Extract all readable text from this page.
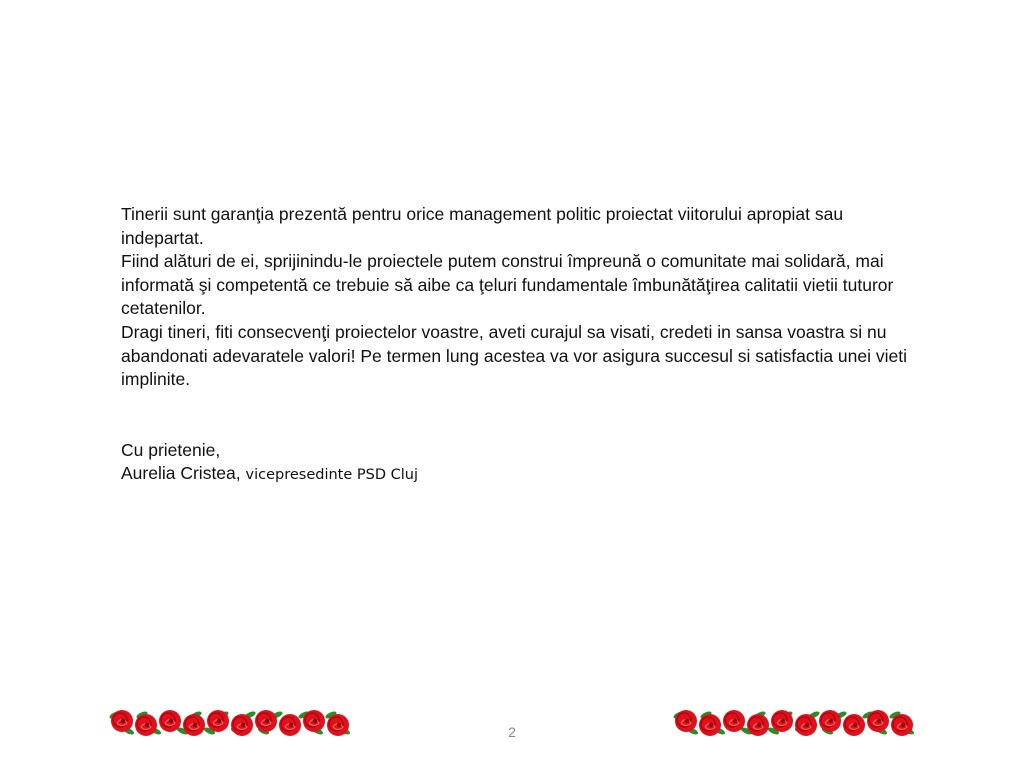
Tinerii sunt garanţia prezentă pentru orice management politic proiectat viitorului apropiat sau indepartat.

Fiind alături de ei, sprijinindu-le proiectele putem construi împreună o comunitate mai solidară, mai informată şi competentă ce trebuie să aibe ca ţeluri fundamentale îmbunătăţirea calitatii vietii tuturor cetatenilor.

Dragi tineri, fiti consecvenţi proiectelor voastre, aveti curajul sa visati, credeti in sansa voastra si nu abandonati adevaratele valori! Pe termen lung acestea va vor asigura succesul si satisfactia unei vieti implinite.

Cu prietenie,

Aurelia Cristea, vicepresedinte PSD Cluj

2
